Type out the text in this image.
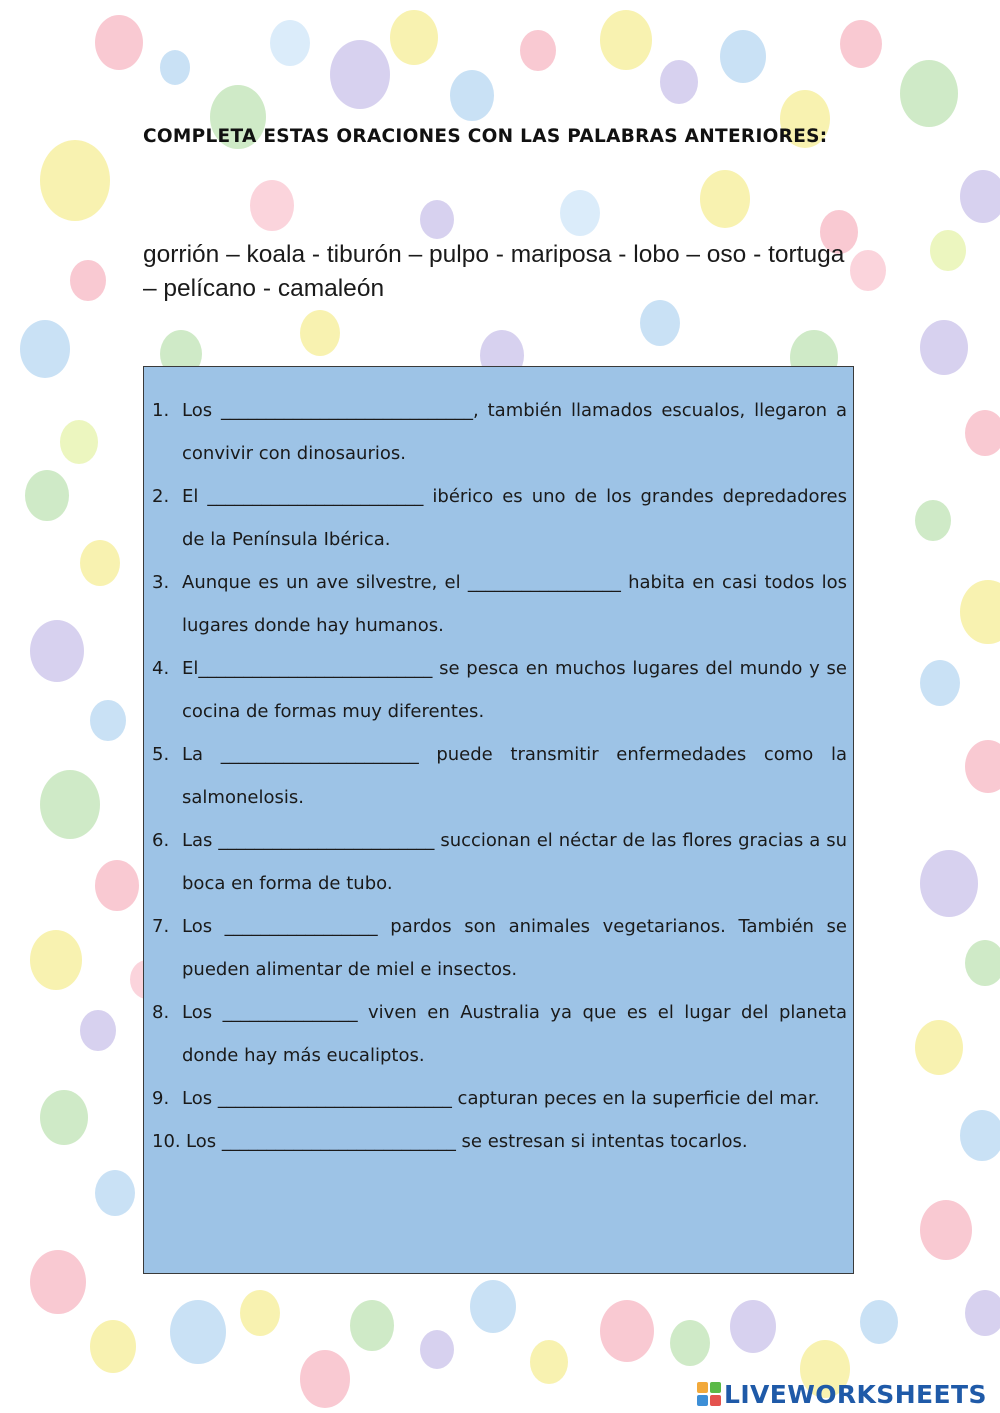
COMPLETA ESTAS ORACIONES CON LAS PALABRAS ANTERIORES:
gorrión – koala - tiburón – pulpo - mariposa - lobo – oso - tortuga – pelícano - camaleón
1. Los ____________________________, también llamados escualos, llegaron a convivir con dinosaurios.
2. El ________________________ ibérico es uno de los grandes depredadores de la Península Ibérica.
3. Aunque es un ave silvestre, el _________________ habita en casi todos los lugares donde hay humanos.
4. El__________________________ se pesca en muchos lugares del mundo y se cocina de formas muy diferentes.
5. La ______________________ puede transmitir enfermedades como la salmonelosis.
6. Las ________________________ succionan el néctar de las flores gracias a su boca en forma de tubo.
7. Los _________________ pardos son animales vegetarianos. También se pueden alimentar de miel e insectos.
8. Los _______________ viven en Australia ya que es el lugar del planeta donde hay más eucaliptos.
9. Los __________________________ capturan peces en la superficie del mar.
10. Los __________________________ se estresan si intentas tocarlos.
LIVEWORKSHEETS
